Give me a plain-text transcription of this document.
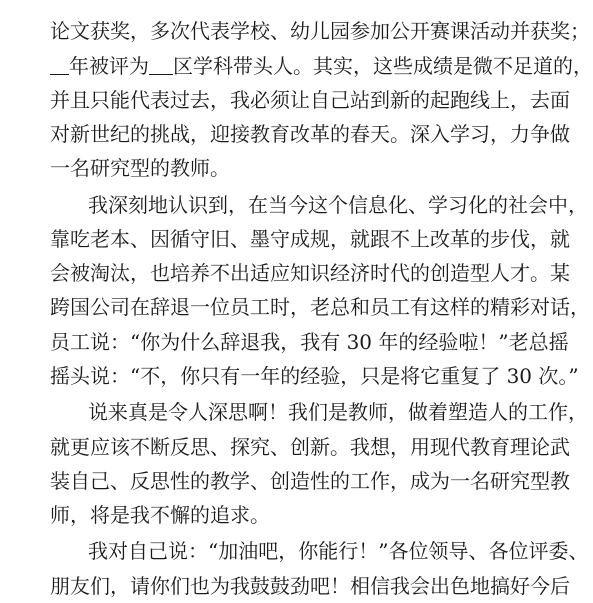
论文获奖，多次代表学校、幼儿园参加公开赛课活动并获奖；
年被评为 区学科带头人。其实，这些成绩是微不足道的，
并且只能代表过去，我必须让自己站到新的起跑线上，去面
对新世纪的挑战，迎接教育改革的春天。深入学习，力争做
一名研究型的教师。
我深刻地认识到，在当今这个信息化、学习化的社会中，
靠吃老本、因循守旧、墨守成规，就跟不上改革的步伐，就
会被淘汰，也培养不出适应知识经济时代的创造型人才。某
跨国公司在辞退一位员工时，老总和员工有这样的精彩对话，
员工说：“你为什么辞退我，我有 30 年的经验啦！”老总摇
摇头说：“不，你只有一年的经验，只是将它重复了 30 次。”
说来真是令人深思啊！我们是教师，做着塑造人的工作，
就更应该不断反思、探究、创新。我想，用现代教育理论武
装自己、反思性的教学、创造性的工作，成为一名研究型教
师，将是我不懈的追求。
我对自己说：“加油吧，你能行！”各位领导、各位评委、
朋友们，请你们也为我鼓鼓劲吧！相信我会出色地搞好今后
